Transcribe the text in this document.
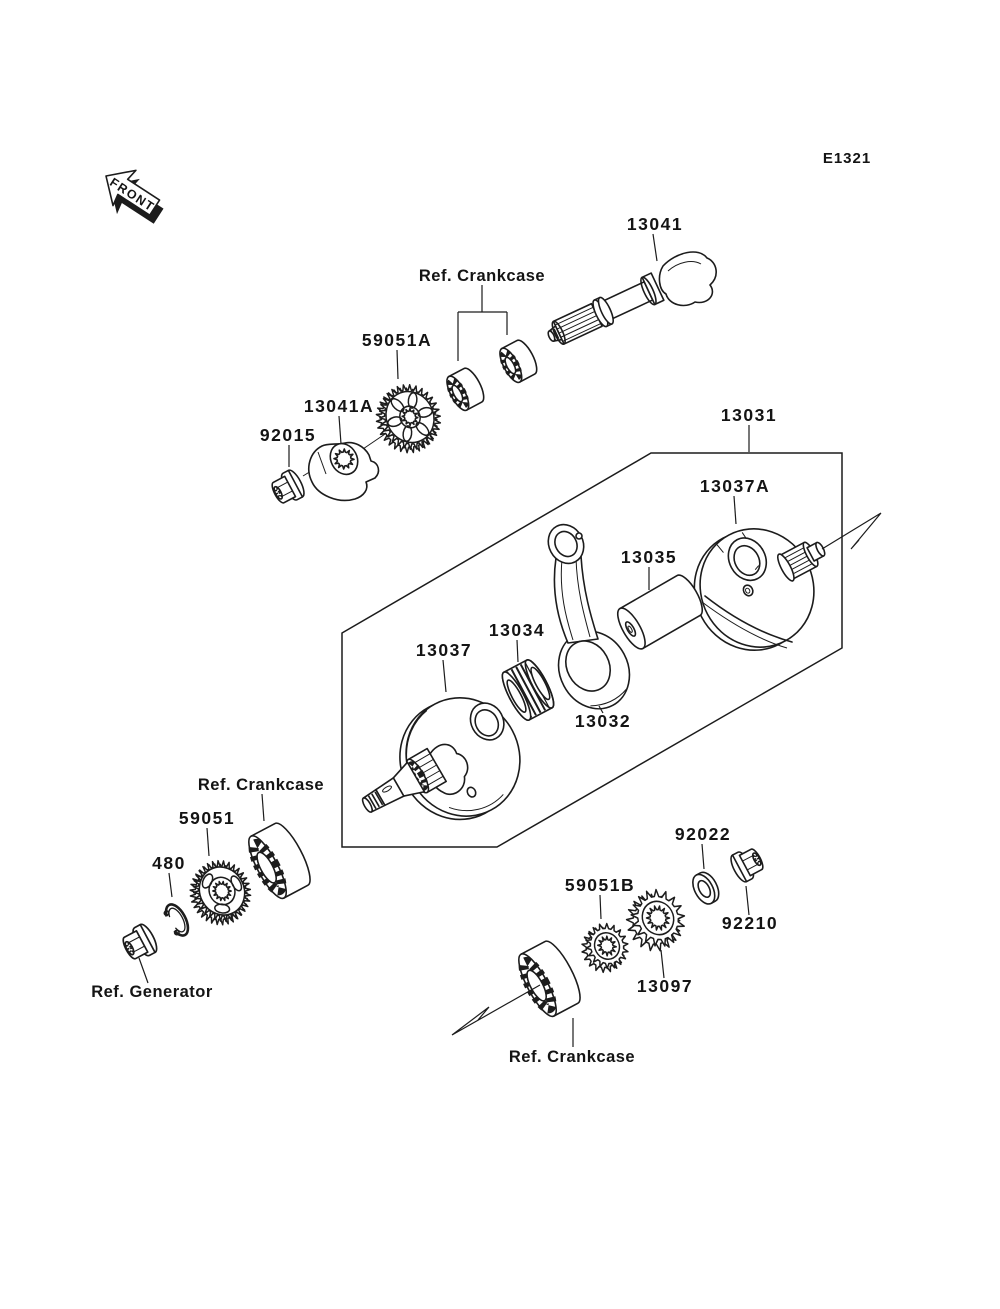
E1321
FRONT
13041
Ref. Crankcase
59051A
13041A
92015
13031
13037A
13035
13034
13037
13032
Ref. Crankcase
59051
480
Ref. Generator
92022
59051B
92210
13097
Ref. Crankcase
